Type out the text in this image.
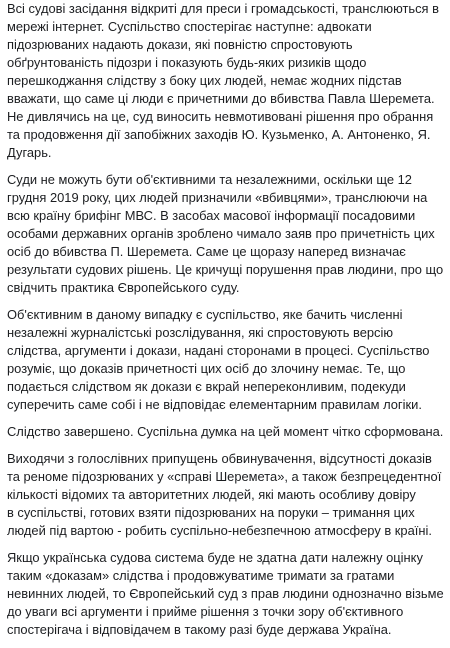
Всі судові засідання відкриті для преси і громадськості, транслюються в
мережі інтернет. Суспільство спостерігає наступне: адвокати
підозрюваних надають докази, які повністю спростовують
обґрунтованість підозри і показують будь-яких ризиків щодо
перешкоджання слідству з боку цих людей, немає жодних підстав
вважати, що саме ці люди є причетними до вбивства Павла Шеремета.
Не дивлячись на це, суд виносить невмотивовані рішення про обрання
та продовження дії запобіжних заходів Ю. Кузьменко, А. Антоненко, Я.
Дугарь.

Суди не можуть бути об'єктивними та незалежними, оскільки ще 12
грудня 2019 року, цих людей призначили «вбивцями», транслюючи на
всю країну брифінг МВС. В засобах масової інформації посадовими
особами державних органів зроблено чимало заяв про причетність цих
осіб до вбивства П. Шеремета. Саме це щоразу наперед визначає
результати судових рішень. Це кричущі порушення прав людини, про що
свідчить практика Європейського суду.

Об'єктивним в даному випадку є суспільство, яке бачить численні
незалежні журналістські розслідування, які спростовують версію
слідства, аргументи і докази, надані сторонами в процесі. Суспільство
розуміє, що доказів причетності цих осіб до злочину немає. Те, що
подається слідством як докази є вкрай непереконливим, подекуди
суперечить саме собі і не відповідає елементарним правилам логіки.

Слідство завершено. Суспільна думка на цей момент чітко сформована.

Виходячи з голослівних припущень обвинувачення, відсутності доказів
та реноме підозрюваних у «справі Шеремета», а також безпрецедентної
кількості відомих та авторитетних людей, які мають особливу довіру
в суспільстві, готових взяти підозрюваних на поруки – тримання цих
людей під вартою - робить суспільно-небезпечною атмосферу в країні.

Якщо українська судова система буде не здатна дати належну оцінку
таким «доказам» слідства і продовжуватиме тримати за гратами
невинних людей, то Європейський суд з прав людини однозначно візьме
до уваги всі аргументи і прийме рішення з точки зору об'єктивного
спостерігача і відповідачем в такому разі буде держава Україна.
